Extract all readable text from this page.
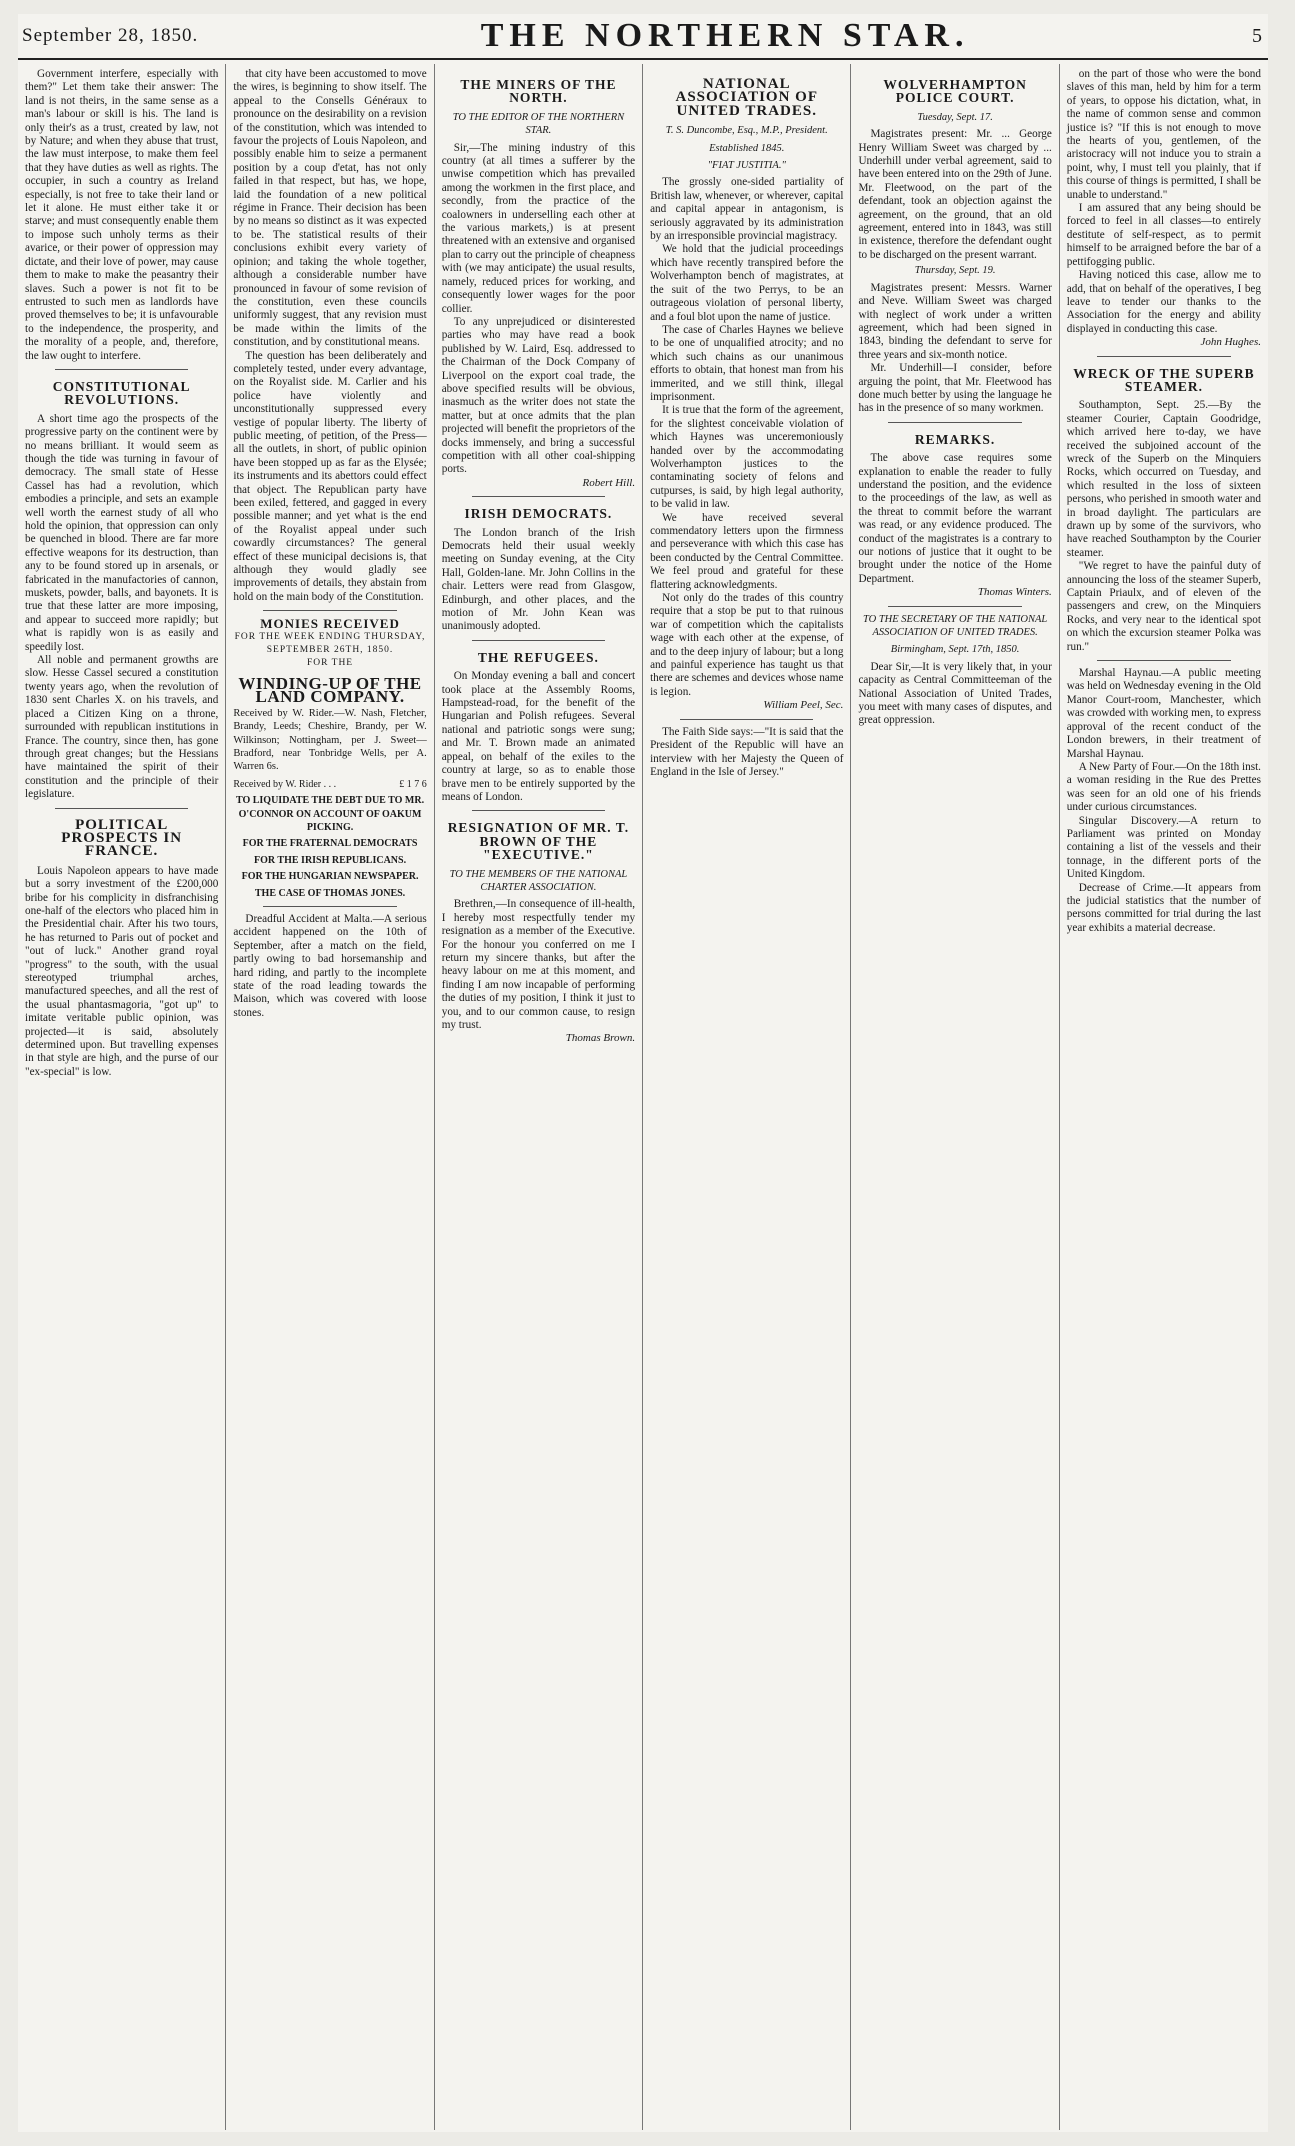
September 28, 1850.	THE NORTHERN STAR.	5

Government interfere, especially with them?" Let them take their answer: The land is not theirs, in the same sense as a man's labour or skill is his. The land is only their's as a trust, created by law, not by Nature; and when they abuse that trust, the law must interpose, to make them feel that they have duties as well as rights. The occupier, in such a country as Ireland especially, is not free to take their land or let it alone. He must either take it or starve; and must consequently enable them to impose such unholy terms as their avarice, or their power of oppression may dictate, and their love of power, may cause them to make to make the peasantry their slaves. Such a power is not fit to be entrusted to such men as landlords have proved themselves to be; it is unfavourable to the independence, the prosperity, and the morality of a people, and, therefore, the law ought to interfere.

CONSTITUTIONAL REVOLUTIONS.

A short time ago the prospects of the progressive party on the continent were by no means brilliant. It would seem as though the tide was turning in favour of democracy. The small state of Hesse Cassel has had a revolution, which embodies a principle, and sets an example well worth the earnest study of all who hold the opinion, that oppression can only be quenched in blood. There are far more effective weapons for its destruction, than any to be found stored up in arsenals, or fabricated in the manufactories of cannon, muskets, powder, balls, and bayonets. It is true that these latter are more imposing, and appear to succeed more rapidly; but what is rapidly won is as easily and speedily lost.

All noble and permanent growths are slow. Hesse Cassel secured a constitution twenty years ago, when the revolution of 1830 sent Charles X. on his travels, and placed a Citizen King on a throne, surrounded with republican institutions in France. The country, since then, has gone through great changes; but the Hessians have maintained the spirit of their constitution and the principle of their legislature.

POLITICAL PROSPECTS IN FRANCE.

Louis Napoleon appears to have made but a sorry investment of the £200,000 bribe for his complicity in disfranchising one-half of the electors who placed him in the Presidential chair. After his two tours, he has returned to Paris out of pocket and "out of luck." Another grand royal "progress" to the south, with the usual stereotyped triumphal arches, manufactured speeches, and all the rest of the usual phantasmagoria, "got up" to imitate veritable public opinion, was projected—it is said, absolutely determined upon. But travelling expenses in that style are high, and the purse of our "ex-special" is low.

that city have been accustomed to move the wires, is beginning to show itself. The appeal to the Consells Généraux to pronounce on the desirability on a revision of the constitution, which was intended to favour the projects of Louis Napoleon, and possibly enable him to seize a permanent position by a coup d'etat, has not only failed in that respect, but has, we hope, laid the foundation of a new political régime in France. Their decision has been by no means so distinct as it was expected to be. The statistical results of their conclusions exhibit every variety of opinion; and taking the whole together, although a considerable number have pronounced in favour of some revision of the constitution, even these councils uniformly suggest, that any revision must be made within the limits of the constitution, and by constitutional means.

The question has been deliberately and completely tested, under every advantage, on the Royalist side. M. Carlier and his police have violently and unconstitutionally suppressed every vestige of popular liberty. The liberty of public meeting, of petition, of the Press—all the outlets, in short, of public opinion have been stopped up as far as the Elysée; its instruments and its abettors could effect that object. The Republican party have been exiled, fettered, and gagged in every possible manner; and yet what is the end of the Royalist appeal under such cowardly circumstances? The general effect of these municipal decisions is, that although they would gladly see improvements of details, they abstain from hold on the main body of the Constitution.

MONIES RECEIVED
FOR THE WEEK ENDING THURSDAY, SEPTEMBER 26TH, 1850.
FOR THE
WINDING-UP OF THE LAND COMPANY.
Received by W. Rider.—W. Nash, Fletcher, Brandy, Leeds; Cheshire, Brandy, per W. Wilkinson; Nottingham, per J. Sweet—Bradford, near Tonbridge Wells, per A. Warren 6s.
Received by W. Rider . . .	£ 1 7 6
TO LIQUIDATE THE DEBT DUE TO MR. O'CONNOR ON ACCOUNT OF OAKUM PICKING.
FOR THE FRATERNAL DEMOCRATS
FOR THE IRISH REPUBLICANS.
FOR THE HUNGARIAN NEWSPAPER.
THE CASE OF THOMAS JONES.

Dreadful Accident at Malta.—A serious accident happened on the 10th of September, after a match on the field, partly owing to bad horsemanship and hard riding, and partly to the incomplete state of the road leading towards the Maison, which was covered with loose stones.

THE MINERS OF THE NORTH.
TO THE EDITOR OF THE NORTHERN STAR.

Sir,—The mining industry of this country (at all times a sufferer by the unwise competition which has prevailed among the workmen in the first place, and secondly, from the practice of the coalowners in underselling each other at the various markets,) is at present threatened with an extensive and organised plan to carry out the principle of cheapness with (we may anticipate) the usual results, namely, reduced prices for working, and consequently lower wages for the poor collier.

To any unprejudiced or disinterested parties who may have read a book published by W. Laird, Esq. addressed to the Chairman of the Dock Company of Liverpool on the export coal trade, the above specified results will be obvious, inasmuch as the writer does not state the matter, but at once admits that the plan projected will benefit the proprietors of the docks immensely, and bring a successful competition with all other coal-shipping ports.

Robert Hill.
IRISH DEMOCRATS.

The London branch of the Irish Democrats held their usual weekly meeting on Sunday evening, at the City Hall, Golden-lane. Mr. John Collins in the chair. Letters were read from Glasgow, Edinburgh, and other places, and the motion of Mr. John Kean was unanimously adopted.

THE REFUGEES.

On Monday evening a ball and concert took place at the Assembly Rooms, Hampstead-road, for the benefit of the Hungarian and Polish refugees. Several national and patriotic songs were sung; and Mr. T. Brown made an animated appeal, on behalf of the exiles to the country at large, so as to enable those brave men to be entirely supported by the means of London.

RESIGNATION OF MR. T. BROWN OF THE "EXECUTIVE."
TO THE MEMBERS OF THE NATIONAL CHARTER ASSOCIATION.

Brethren,—In consequence of ill-health, I hereby most respectfully tender my resignation as a member of the Executive. For the honour you conferred on me I return my sincere thanks, but after the heavy labour on me at this moment, and finding I am now incapable of performing the duties of my position, I think it just to you, and to our common cause, to resign my trust.

Thomas Brown.
NATIONAL ASSOCIATION OF UNITED TRADES.
T. S. Duncombe, Esq., M.P., President.
Established 1845.
"FIAT JUSTITIA."

The grossly one-sided partiality of British law, whenever, or wherever, capital and capital appear in antagonism, is seriously aggravated by its administration by an irresponsible provincial magistracy.

We hold that the judicial proceedings which have recently transpired before the Wolverhampton bench of magistrates, at the suit of the two Perrys, to be an outrageous violation of personal liberty, and a foul blot upon the name of justice.

The case of Charles Haynes we believe to be one of unqualified atrocity; and no which such chains as our unanimous efforts to obtain, that honest man from his immerited, and we still think, illegal imprisonment.

It is true that the form of the agreement, for the slightest conceivable violation of which Haynes was unceremoniously handed over by the accommodating Wolverhampton justices to the contaminating society of felons and cutpurses, is said, by high legal authority, to be valid in law.

We have received several commendatory letters upon the firmness and perseverance with which this case has been conducted by the Central Committee. We feel proud and grateful for these flattering acknowledgments.

Not only do the trades of this country require that a stop be put to that ruinous war of competition which the capitalists wage with each other at the expense, of and to the deep injury of labour; but a long and painful experience has taught us that there are schemes and devices whose name is legion.

William Peel, Sec.

The Faith Side says:—"It is said that the President of the Republic will have an interview with her Majesty the Queen of England in the Isle of Jersey."

WOLVERHAMPTON POLICE COURT.
Tuesday, Sept. 17.

Magistrates present: Mr. ... George Henry William Sweet was charged by ... Underhill under verbal agreement, said to have been entered into on the 29th of June. Mr. Fleetwood, on the part of the defendant, took an objection against the agreement, on the ground, that an old agreement, entered into in 1843, was still in existence, therefore the defendant ought to be discharged on the present warrant.

Thursday, Sept. 19.

Magistrates present: Messrs. Warner and Neve. William Sweet was charged with neglect of work under a written agreement, which had been signed in 1843, binding the defendant to serve for three years and six-month notice.

Mr. Underhill—I consider, before arguing the point, that Mr. Fleetwood has done much better by using the language he has in the presence of so many workmen.

REMARKS.

The above case requires some explanation to enable the reader to fully understand the position, and the evidence to the proceedings of the law, as well as the threat to commit before the warrant was read, or any evidence produced. The conduct of the magistrates is a contrary to our notions of justice that it ought to be brought under the notice of the Home Department.

Thomas Winters.
TO THE SECRETARY OF THE NATIONAL ASSOCIATION OF UNITED TRADES.
Birmingham, Sept. 17th, 1850.

Dear Sir,—It is very likely that, in your capacity as Central Committeeman of the National Association of United Trades, you meet with many cases of disputes, and great oppression.

on the part of those who were the bond slaves of this man, held by him for a term of years, to oppose his dictation, what, in the name of common sense and common justice is? "If this is not enough to move the hearts of you, gentlemen, of the aristocracy will not induce you to strain a point, why, I must tell you plainly, that if this course of things is permitted, I shall be unable to understand."

I am assured that any being should be forced to feel in all classes—to entirely destitute of self-respect, as to permit himself to be arraigned before the bar of a pettifogging public.

Having noticed this case, allow me to add, that on behalf of the operatives, I beg leave to tender our thanks to the Association for the energy and ability displayed in conducting this case.

John Hughes.
WRECK OF THE SUPERB STEAMER.

Southampton, Sept. 25.—By the steamer Courier, Captain Goodridge, which arrived here to-day, we have received the subjoined account of the wreck of the Superb on the Minquiers Rocks, which occurred on Tuesday, and which resulted in the loss of sixteen persons, who perished in smooth water and in broad daylight. The particulars are drawn up by some of the survivors, who have reached Southampton by the Courier steamer.

"We regret to have the painful duty of announcing the loss of the steamer Superb, Captain Priaulx, and of eleven of the passengers and crew, on the Minquiers Rocks, and very near to the identical spot on which the excursion steamer Polka was run."

Marshal Haynau.—A public meeting was held on Wednesday evening in the Old Manor Court-room, Manchester, which was crowded with working men, to express approval of the recent conduct of the London brewers, in their treatment of Marshal Haynau.

A New Party of Four.—On the 18th inst. a woman residing in the Rue des Prettes was seen for an old one of his friends under curious circumstances.

Singular Discovery.—A return to Parliament was printed on Monday containing a list of the vessels and their tonnage, in the different ports of the United Kingdom.

Decrease of Crime.—It appears from the judicial statistics that the number of persons committed for trial during the last year exhibits a material decrease.
